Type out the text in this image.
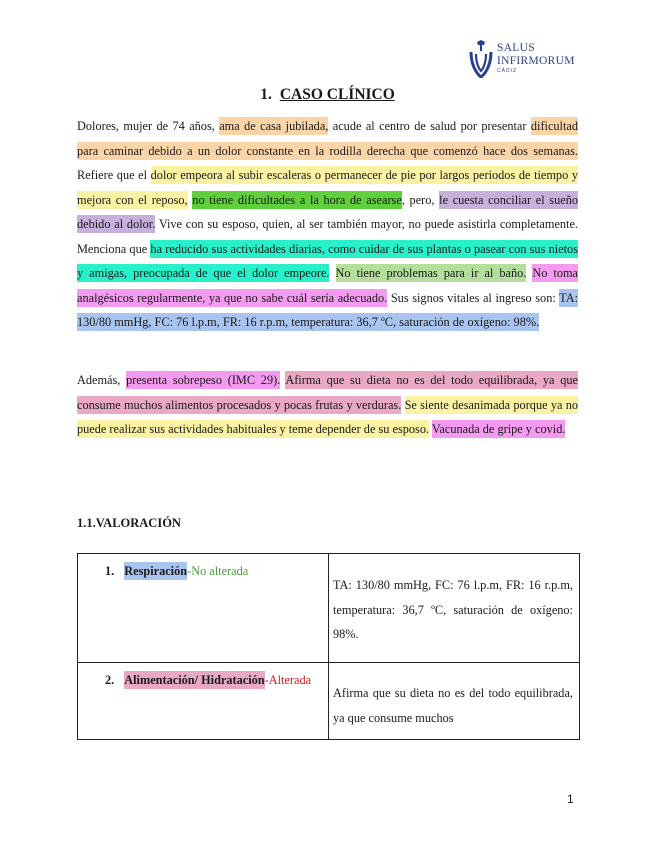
SALUS
INFIRMORUM
CÁDIZ
1. CASO CLÍNICO

Dolores, mujer de 74 años, ama de casa jubilada, acude al centro de salud por presentar dificultad para caminar debido a un dolor constante en la rodilla derecha que comenzó hace dos semanas. Refiere que el dolor empeora al subir escaleras o permanecer de pie por largos periodos de tiempo y mejora con el reposo, no tiene dificultades a la hora de asearse, pero, le cuesta conciliar el sueño debido al dolor. Vive con su esposo, quien, al ser también mayor, no puede asistirla completamente. Menciona que ha reducido sus actividades diarias, como cuidar de sus plantas o pasear con sus nietos y amigas, preocupada de que el dolor empeore. No tiene problemas para ir al baño. No toma analgésicos regularmente, ya que no sabe cuál sería adecuado. Sus signos vitales al ingreso son: TA: 130/80 mmHg, FC: 76 l.p.m, FR: 16 r.p.m, temperatura: 36,7 ºC, saturación de oxígeno: 98%.

Además, presenta sobrepeso (IMC 29). Afirma que su dieta no es del todo equilibrada, ya que consume muchos alimentos procesados y pocas frutas y verduras. Se siente desanimada porque ya no puede realizar sus actividades habituales y teme depender de su esposo. Vacunada de gripe y covid.

1.1.VALORACIÓN
1. Respiración-No alterada	TA: 130/80 mmHg, FC: 76 l.p.m, FR: 16 r.p.m, temperatura: 36,7 ºC, saturación de oxígeno: 98%.

2. Alimentación/ Hidratación-Alterada	Afirma que su dieta no es del todo equilibrada, ya que consume muchos
1
